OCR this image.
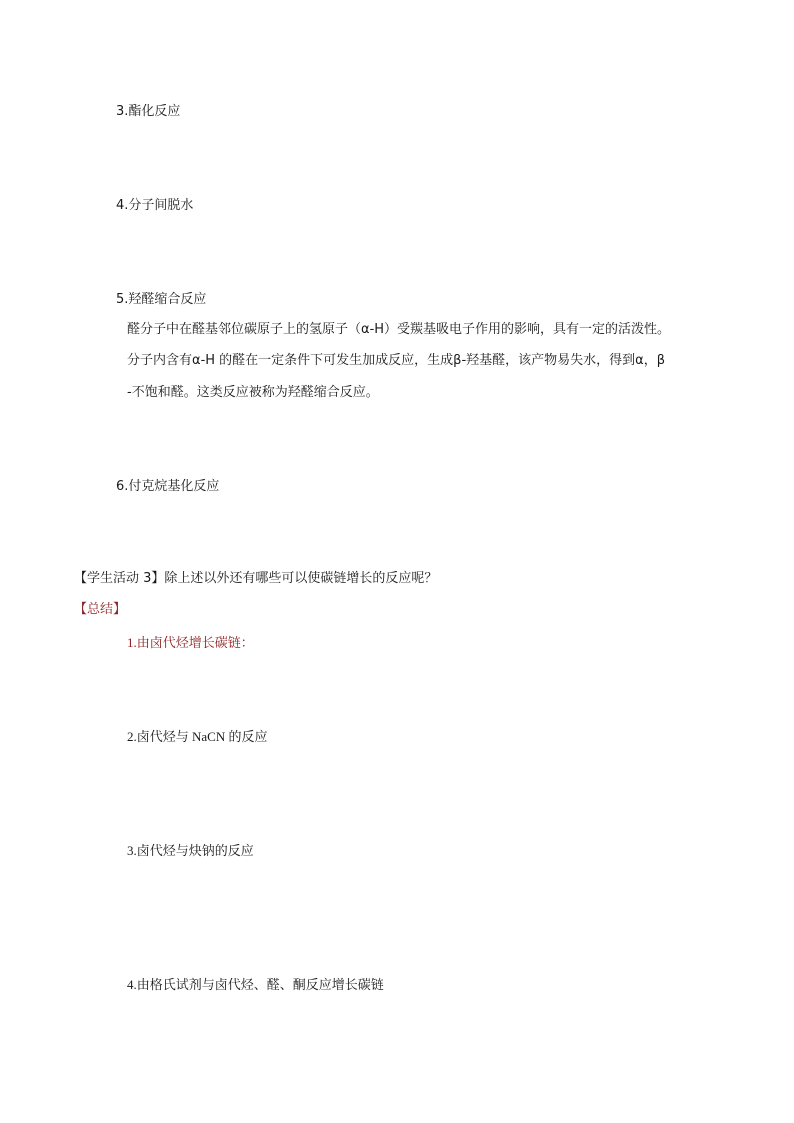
3.酯化反应
4.分子间脱水
5.羟醛缩合反应
醛分子中在醛基邻位碳原子上的氢原子（α-H）受羰基吸电子作用的影响，具有一定的活泼性。
分子内含有α-H 的醛在一定条件下可发生加成反应，生成β-羟基醛，该产物易失水，得到α，β
-不饱和醛。这类反应被称为羟醛缩合反应。
6.付克烷基化反应
【学生活动 3】除上述以外还有哪些可以使碳链增长的反应呢？
【总结】
1.由卤代烃增长碳链：
2.卤代烃与 NaCN 的反应
3.卤代烃与炔钠的反应
4.由格氏试剂与卤代烃、醛、酮反应增长碳链
